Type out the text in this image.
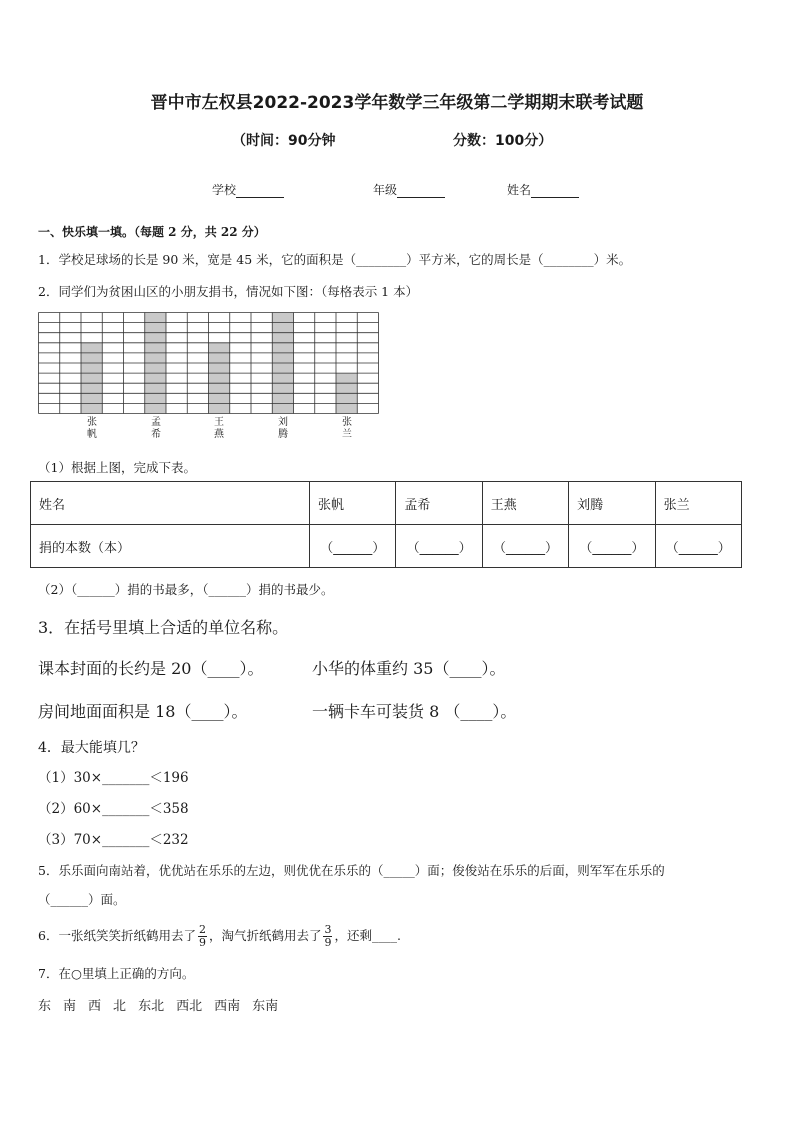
晋中市左权县2022-2023学年数学三年级第二学期期末联考试题
（时间：90分钟	分数：100分）
学校	年级	姓名
一、快乐填一填。（每题 2 分，共 22 分）
1．学校足球场的长是 90 米，宽是 45 米，它的面积是（________）平方米，它的周长是（________）米。
2．同学们为贫困山区的小朋友捐书，情况如下图：（每格表示 1 本）
张帆
孟希
王燕
刘腾
张兰
（1）根据上图，完成下表。
姓名	张帆	孟希	王燕	刘腾	张兰
捐的本数（本）	（______）	（______）	（______）	（______）	（______）
（2）（______）捐的书最多，（______）捐的书最少。
3．在括号里填上合适的单位名称。
课本封面的长约是 20（____）。	小华的体重约 35（____）。
房间地面面积是 18（____）。	一辆卡车可装货 8 （____）。
4．最大能填几？
（1）30×_______＜196
（2）60×_______＜358
（3）70×_______＜232
5．乐乐面向南站着，优优站在乐乐的左边，则优优在乐乐的（_____）面；俊俊站在乐乐的后面，则军军在乐乐的
（______）面。
6．一张纸笑笑折纸鹤用去了 $\frac{2}{9}$ ，淘气折纸鹤用去了 $\frac{3}{9}$ ，还剩____.
7．在○里填上正确的方向。
东 南 西 北 东北 西北 西南 东南
